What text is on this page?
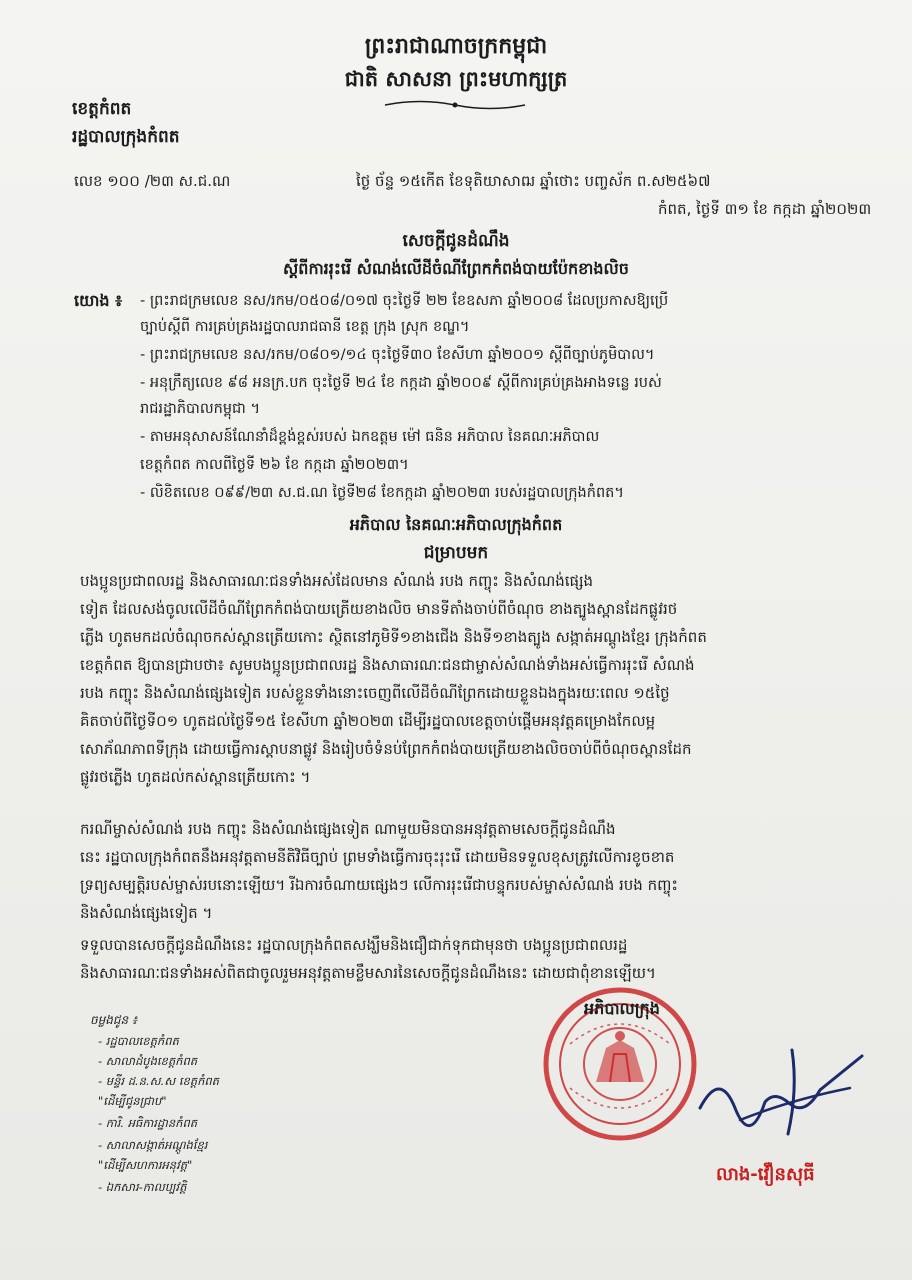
ព្រះរាជាណាចក្រកម្ពុជា

ជាតិ សាសនា ព្រះមហាក្សត្រ

ខេត្តកំពត

រដ្ឋបាលក្រុងកំពត

លេខ ១០០ /២៣ ស.ជ.ណ	ថ្ងៃ ច័ន្ទ ១៥កើត ខែទុតិយាសាឍ ឆ្នាំថោះ បញ្ចស័ក ព.ស២៥៦៧

កំពត, ថ្ងៃទី ៣១ ខែ កក្កដា ឆ្នាំ២០២៣

សេចក្តីជូនដំណឹង

ស្តីពីការរុះរើ សំណង់លើដីចំណីព្រែកកំពង់បាយប៉ែកខាងលិច

យោង ៖ - ព្រះរាជក្រមលេខ នស/រកម/០៥០៨/០១៧ ចុះថ្ងៃទី ២២ ខែឧសភា ឆ្នាំ២០០៨ ដែលប្រកាសឱ្យប្រើ

ច្បាប់ស្តីពី ការគ្រប់គ្រងរដ្ឋបាលរាជធានី ខេត្ត ក្រុង ស្រុក ខណ្ឌ។

- ព្រះរាជក្រមលេខ នស/រកម/០៨០១/១៤ ចុះថ្ងៃទី៣០ ខែសីហា ឆ្នាំ២០០១ ស្តីពីច្បាប់ភូមិបាល។

- អនុក្រឹត្យលេខ ៩៨ អនក្រ.បក ចុះថ្ងៃទី ២៤ ខែ កក្កដា ឆ្នាំ២០០៩ ស្តីពីការគ្រប់គ្រងអាងទន្លេ របស់

រាជរដ្ឋាភិបាលកម្ពុជា ។

- តាមអនុសាសន៍ណែនាំដ៏ខ្ពង់ខ្ពស់របស់ ឯកឧត្តម ម៉ៅ ធនិន អភិបាល នៃគណៈអភិបាល

ខេត្តកំពត កាលពីថ្ងៃទី ២៦ ខែ កក្កដា ឆ្នាំ២០២៣។

- លិខិតលេខ ០៩៩/២៣ ស.ជ.ណ ថ្ងៃទី២៨ ខែកក្កដា ឆ្នាំ២០២៣ របស់រដ្ឋបាលក្រុងកំពត។

អភិបាល នៃគណៈអភិបាលក្រុងកំពត

ជម្រាបមក

បងប្អូនប្រជាពលរដ្ឋ និងសាធារណៈជនទាំងអស់ដែលមាន សំណង់ របង កញ្ចុះ និងសំណង់ផ្សេង

ទៀត ដែលសង់ចូលលើដីចំណីព្រែកកំពង់បាយត្រើយខាងលិច មានទីតាំងចាប់ពីចំណុច ខាងត្បូងស្ពានដែកផ្លូវរថ

ភ្លើង ហូតមកដល់ចំណុចកស់ស្ពានត្រើយកោះ ស្ថិតនៅភូមិទី១ខាងជើង និងទី១ខាងត្បូង សង្កាត់អណ្តូងខ្មែរ ក្រុងកំពត

ខេត្តកំពត ឱ្យបានជ្រាបថា៖ សូមបងប្អូនប្រជាពលរដ្ឋ និងសាធារណៈជនជាម្ចាស់សំណង់ទាំងអស់ធ្វើការរុះរើ សំណង់

របង កញ្ចុះ និងសំណង់ផ្សេងទៀត របស់ខ្លួនទាំងនោះចេញពីលើដីចំណីព្រែកដោយខ្លួនឯងក្នុងរយៈពេល ១៥ថ្ងៃ

គិតចាប់ពីថ្ងៃទី០១ ហូតដល់ថ្ងៃទី១៥ ខែសីហា ឆ្នាំ២០២៣ ដើម្បីរដ្ឋបាលខេត្តចាប់ផ្តើមអនុវត្តគម្រោងកែលម្អ

សោភ័ណភាពទីក្រុង ដោយធ្វើការស្តាបនាផ្លូវ និងរៀបចំទំនប់ព្រែកកំពង់បាយត្រើយខាងលិចចាប់ពីចំណុចស្ពានដែក

ផ្លូវរថភ្លើង ហូតដល់កស់ស្ពានត្រើយកោះ ។

ករណីម្ចាស់សំណង់ របង កញ្ចុះ និងសំណង់ផ្សេងទៀត ណាមួយមិនបានអនុវត្តតាមសេចក្តីជូនដំណឹង

នេះ រដ្ឋបាលក្រុងកំពតនឹងអនុវត្តតាមនីតិវិធីច្បាប់ ព្រមទាំងធ្វើការចុះរុះរើ ដោយមិនទទួលខុសត្រូវលើការខូចខាត

ទ្រព្យសម្បត្តិរបស់ម្ចាស់របនោះឡើយ។ រីឯការចំណាយផ្សេងៗ លើការរុះរើជាបន្ទុករបស់ម្ចាស់សំណង់ របង កញ្ចុះ

និងសំណង់ផ្សេងទៀត ។

ទទួលបានសេចក្តីជូនដំណឹងនេះ រដ្ឋបាលក្រុងកំពតសង្ឃឹមនិងជឿជាក់ទុកជាមុនថា បងប្អូនប្រជាពលរដ្ឋ

និងសាធារណៈជនទាំងអស់ពិតជាចូលរួមអនុវត្តតាមខ្លឹមសារនៃសេចក្តីជូនដំណឹងនេះ ដោយជាពុំខានឡើយ។

អភិបាលក្រុង

លាង-វឿនសុធី

ចម្លងជូន ៖

- រដ្ឋបាលខេត្តកំពត

- សាលាដំបូងខេត្តកំពត

- មន្ទីរ ដ.ន.ស.ស ខេត្តកំពត

"ដើម្បីជូនជ្រាប"

- ការិ. អធិការដ្ឋានកំពត

- សាលាសង្កាត់អណ្តូងខ្មែរ

"ដើម្បីសហការអនុវត្ត"

- ឯកសារ-កាលប្បវត្តិ
